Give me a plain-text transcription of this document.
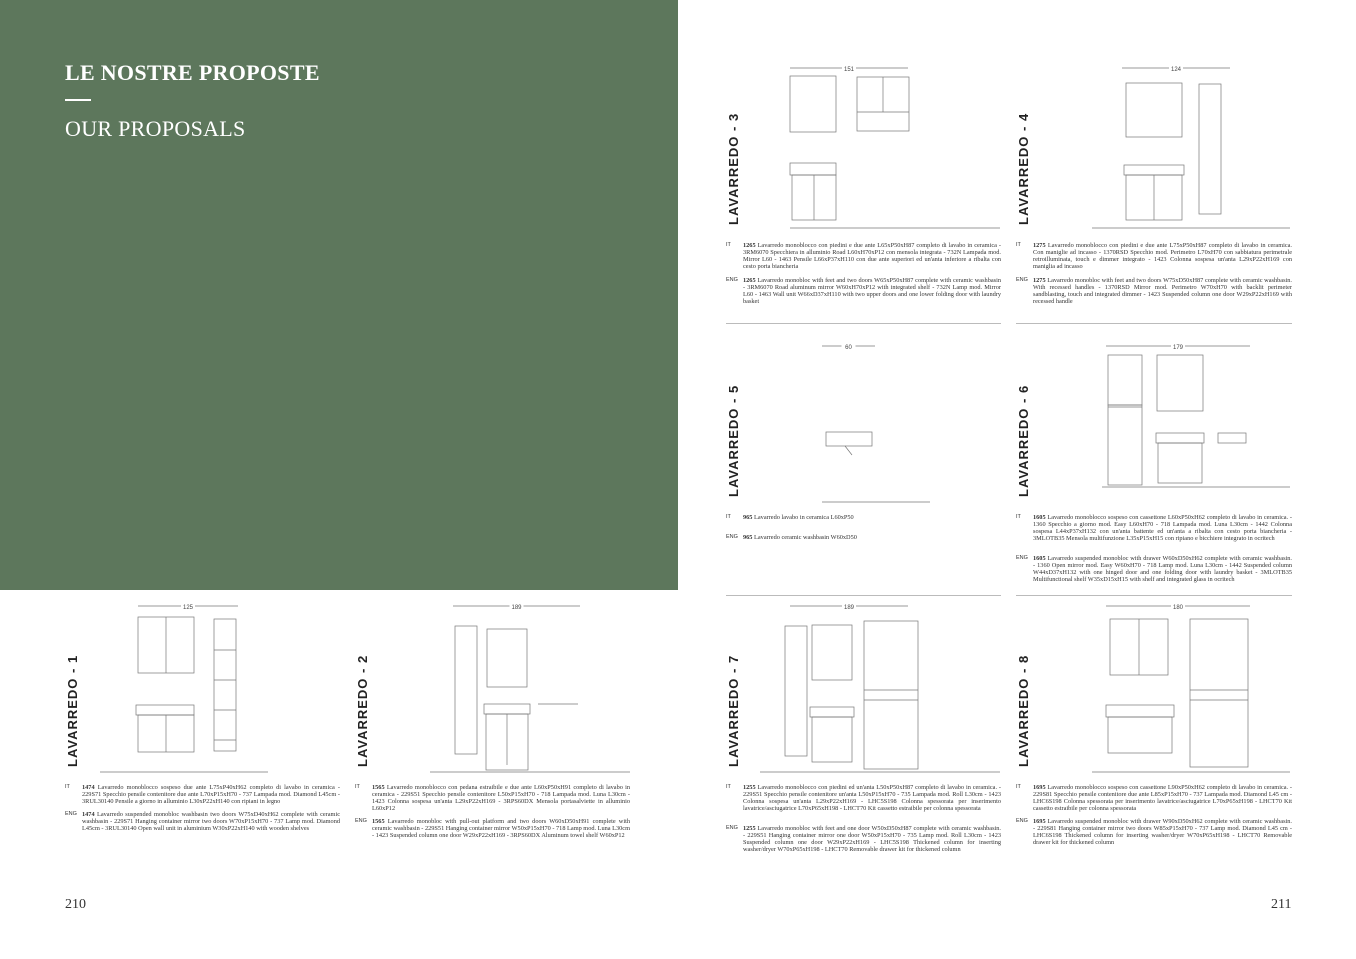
LE NOSTRE PROPOSTE
OUR PROPOSALS
210	211
151	124
60	179
125	189	189	180
LAVARREDO - 3
IT 1265 Lavarredo monoblocco con piedini e due ante L65xP50xH87 completo di lavabo in ceramica - 3RM6070 Specchiera in alluminio Road L60xH70xP12 con mensola integrata - 732N Lampada mod. Mirror L60 - 1463 Pensile L66xP37xH110 con due ante superiori ed un'anta inferiore a ribalta con cesto porta biancheria
ENG 1265 Lavarredo monobloc with feet and two doors W65xP50xH87 complete with ceramic washbasin - 3RM6070 Road aluminum mirror W60xH70xP12 with integrated shelf - 732N Lamp mod. Mirror L60 - 1463 Wall unit W66xD37xH110 with two upper doors and one lower folding door with laundry basket
LAVARREDO - 4
IT 1275 Lavarredo monoblocco con piedini e due ante L75xP50xH87 completo di lavabo in ceramica. Con maniglie ad incasso - 1370RSD Specchio mod. Perimetro L70xH70 con sabbiatura perimetrale retroilluminata, touch e dimmer integrato - 1423 Colonna sospesa un'anta L29xP22xH169 con maniglia ad incasso
ENG 1275 Lavarredo monobloc with feet and two doors W75xD50xH87 complete with ceramic washbasin. With recessed handles - 1370RSD Mirror mod. Perimetro W70xH70 with backlit perimeter sandblasting, touch and integrated dimmer - 1423 Suspended column one door W29xP22xH169 with recessed handle
LAVARREDO - 5
IT 965 Lavarredo lavabo in ceramica L60xP50
ENG 965 Lavarredo ceramic washbasin W60xD50
LAVARREDO - 6
IT 1605 Lavarredo monoblocco sospeso con cassettone L60xP50xH62 completo di lavabo in ceramica. - 1360 Specchio a giorno mod. Easy L60xH70 - 718 Lampada mod. Luna L30cm - 1442 Colonna sospesa L44xP37xH132 con un'anta battente ed un'anta a ribalta con cesto porta biancheria - 3MLOTB35 Mensola multifunzione L35xP15xH15 con ripiano e bicchiere integrato in ocritech
ENG 1605 Lavarredo suspended monobloc with drawer W60xD50xH62 complete with ceramic washbasin. - 1360 Open mirror mod. Easy W60xH70 - 718 Lamp mod. Luna L30cm - 1442 Suspended column W44xD37xH132 with one hinged door and one folding door with laundry basket - 3MLOTB35 Multifunctional shelf W35xD15xH15 with shelf and integrated glass in ocritech
LAVARREDO - 1
IT 1474 Lavarredo monoblocco sospeso due ante L75xP40xH62 completo di lavabo in ceramica - 229S71 Specchio pensile contenitore due ante L70xP15xH70 - 737 Lampada mod. Diamond L45cm - 3RUL30140 Pensile a giorno in alluminio L30xP22xH140 con ripiani in legno
ENG 1474 Lavarredo suspended monobloc washbasin two doors W75xD40xH62 complete with ceramic washbasin - 229S71 Hanging container mirror two doors W70xP15xH70 - 737 Lamp mod. Diamond L45cm - 3RUL30140 Open wall unit in aluminium W30xP22xH140 with wooden shelves
LAVARREDO - 2
IT 1565 Lavarredo monoblocco con pedana estraibile e due ante L60xP50xH91 completo di lavabo in ceramica - 229S51 Specchio pensile contenitore L50xP15xH70 - 718 Lampada mod. Luna L30cm - 1423 Colonna sospesa un'anta L29xP22xH169 - 3RPS60DX Mensola portasalviette in alluminio L60xP12
ENG 1565 Lavarredo monobloc with pull-out platform and two doors W60xD50xH91 complete with ceramic washbasin - 229S51 Hanging container mirror W50xP15xH70 - 718 Lamp mod. Luna L30cm - 1423 Suspended column one door W29xP22xH169 - 3RPS60DX Aluminum towel shelf W60xP12
LAVARREDO - 7
IT 1255 Lavarredo monoblocco con piedini ed un'anta L50xP50xH87 completo di lavabo in ceramica. - 229S51 Specchio pensile contenitore un'anta L50xP15xH70 - 735 Lampada mod. Roll L30cm - 1423 Colonna sospesa un'anta L29xP22xH169 - LHC5S198 Colonna spessorata per inserimento lavatrice/asciugatrice L70xP65xH198 - LHCT70 Kit cassetto estraibile per colonna spessorata
ENG 1255 Lavarredo monobloc with feet and one door W50xD50xH87 complete with ceramic washbasin. - 229S51 Hanging container mirror one door W50xP15xH70 - 735 Lamp mod. Roll L30cm - 1423 Suspended column one door W29xP22xH169 - LHC5S198 Thickened column for inserting washer/dryer W70xP65xH198 - LHCT70 Removable drawer kit for thickened column
LAVARREDO - 8
IT 1695 Lavarredo monoblocco sospeso con cassettone L90xP50xH62 completo di lavabo in ceramica. - 229S81 Specchio pensile contenitore due ante L85xP15xH70 - 737 Lampada mod. Diamond L45 cm - LHC6S198 Colonna spessorata per inserimento lavatrice/asciugatrice L70xP65xH198 - LHCT70 Kit cassetto estraibile per colonna spessorata
ENG 1695 Lavarredo suspended monobloc with drawer W90xD50xH62 complete with ceramic washbasin. - 229S81 Hanging container mirror two doors W85xP15xH70 - 737 Lamp mod. Diamond L45 cm - LHC6S198 Thickened column for inserting washer/dryer W70xP65xH198 - LHCT70 Removable drawer kit for thickened column
